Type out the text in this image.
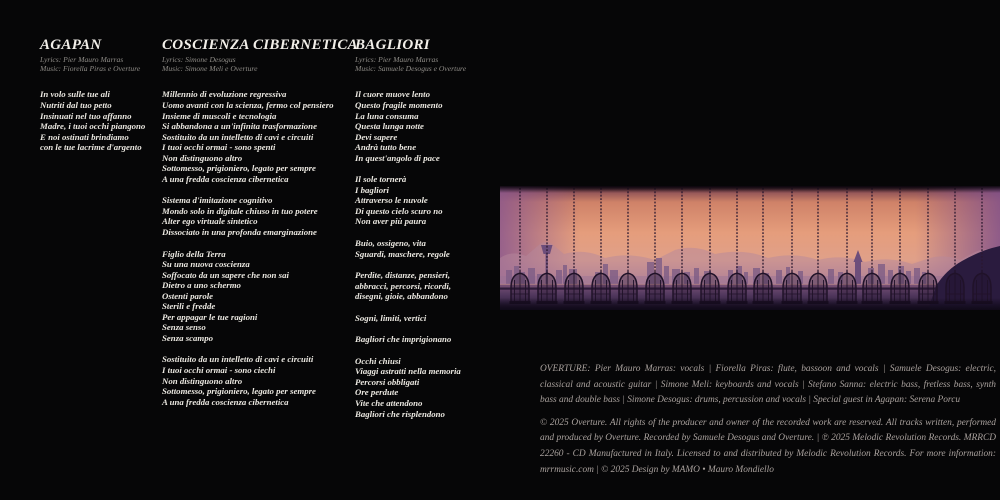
AGAPAN
Lyrics: Pier Mauro Marras
Music: Fiorella Piras e Overture

In volo sulle tue ali
Nutriti dal tuo petto
Insinuati nel tuo affanno
Madre, i tuoi occhi piangono
E noi ostinati brindiamo
con le tue lacrime d'argento

COSCIENZA CIBERNETICA
Lyrics: Simone Desogus
Music: Simone Meli e Overture

Millennio di evoluzione regressiva
Uomo avanti con la scienza, fermo col pensiero
Insieme di muscoli e tecnologia
Si abbandona a un'infinita trasformazione
Sostituito da un intelletto di cavi e circuiti
I tuoi occhi ormai - sono spenti
Non distinguono altro
Sottomesso, prigioniero, legato per sempre
A una fredda coscienza cibernetica

Sistema d'imitazione cognitivo
Mondo solo in digitale chiuso in tuo potere
Alter ego virtuale sintetico
Dissociato in una profonda emarginazione

Figlio della Terra
Su una nuova coscienza
Soffocato da un sapere che non sai
Dietro a uno schermo
Ostenti parole
Sterili e fredde
Per appagar le tue ragioni
Senza senso
Senza scampo

Sostituito da un intelletto di cavi e circuiti
I tuoi occhi ormai - sono ciechi
Non distinguono altro
Sottomesso, prigioniero, legato per sempre
A una fredda coscienza cibernetica

BAGLIORI
Lyrics: Pier Mauro Marras
Music: Samuele Desogus e Overture

Il cuore muove lento
Questo fragile momento
La luna consuma
Questa lunga notte
Devi sapere
Andrà tutto bene
In quest'angolo di pace

Il sole tornerà
I bagliori
Attraverso le nuvole
Di questo cielo scuro no
Non aver più paura

Buio, ossigeno, vita
Sguardi, maschere, regole

Perdite, distanze, pensieri,
abbracci, percorsi, ricordi,
disegni, gioie, abbandono

Sogni, limiti, vertici

Bagliori che imprigionano

Occhi chiusi
Viaggi astratti nella memoria
Percorsi obbligati
Ore perdute
Vite che attendono
Bagliori che risplendono

OVERTURE: Pier Mauro Marras: vocals | Fiorella Piras: flute, bassoon and vocals | Samuele Desogus: electric, classical and acoustic guitar | Simone Meli: keyboards and vocals | Stefano Sanna: electric bass, fretless bass, synth bass and double bass | Simone Desogus: drums, percussion and vocals | Special guest in Agapan: Serena Porcu

© 2025 Overture. All rights of the producer and owner of the recorded work are reserved. All tracks written, performed and produced by Overture. Recorded by Samuele Desogus and Overture. | ℗ 2025 Melodic Revolution Records. MRRCD 22260 - CD Manufactured in Italy. Licensed to and distributed by Melodic Revolution Records. For more information: mrrmusic.com | © 2025 Design by MAMO • Mauro Mondiello
